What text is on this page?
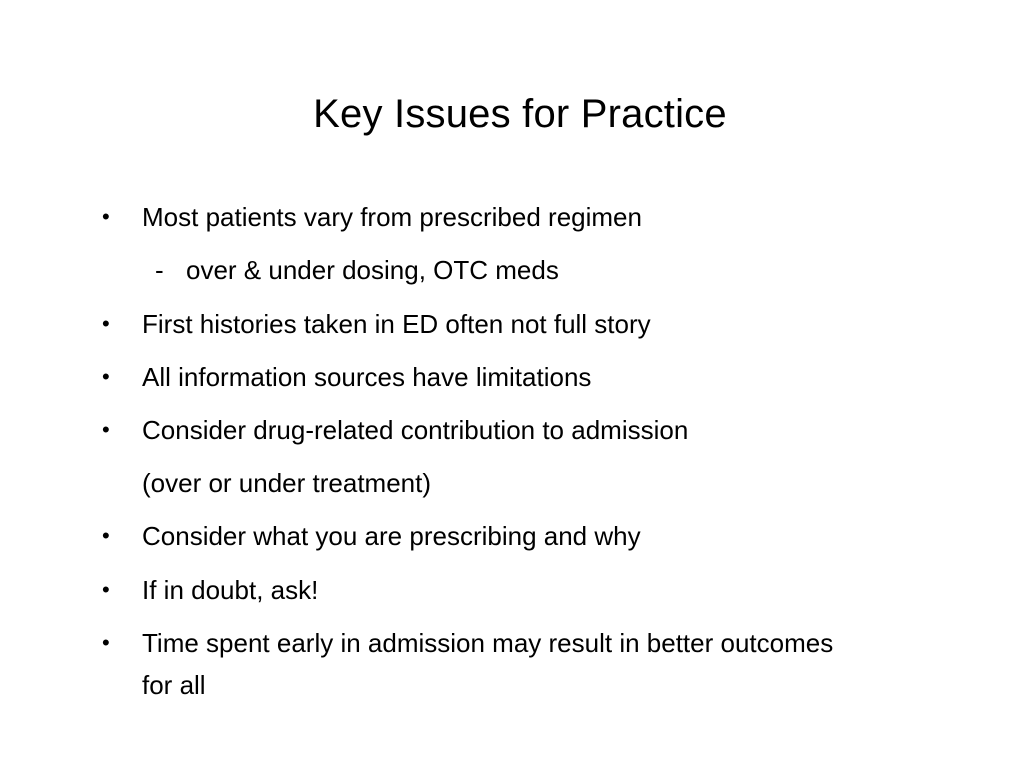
Key Issues for Practice
• Most patients vary from prescribed regimen
- over & under dosing, OTC meds
• First histories taken in ED often not full story
• All information sources have limitations
• Consider drug-related contribution to admission
(over or under treatment)
• Consider what you are prescribing and why
• If in doubt, ask!
• Time spent early in admission may result in better outcomes
for all
